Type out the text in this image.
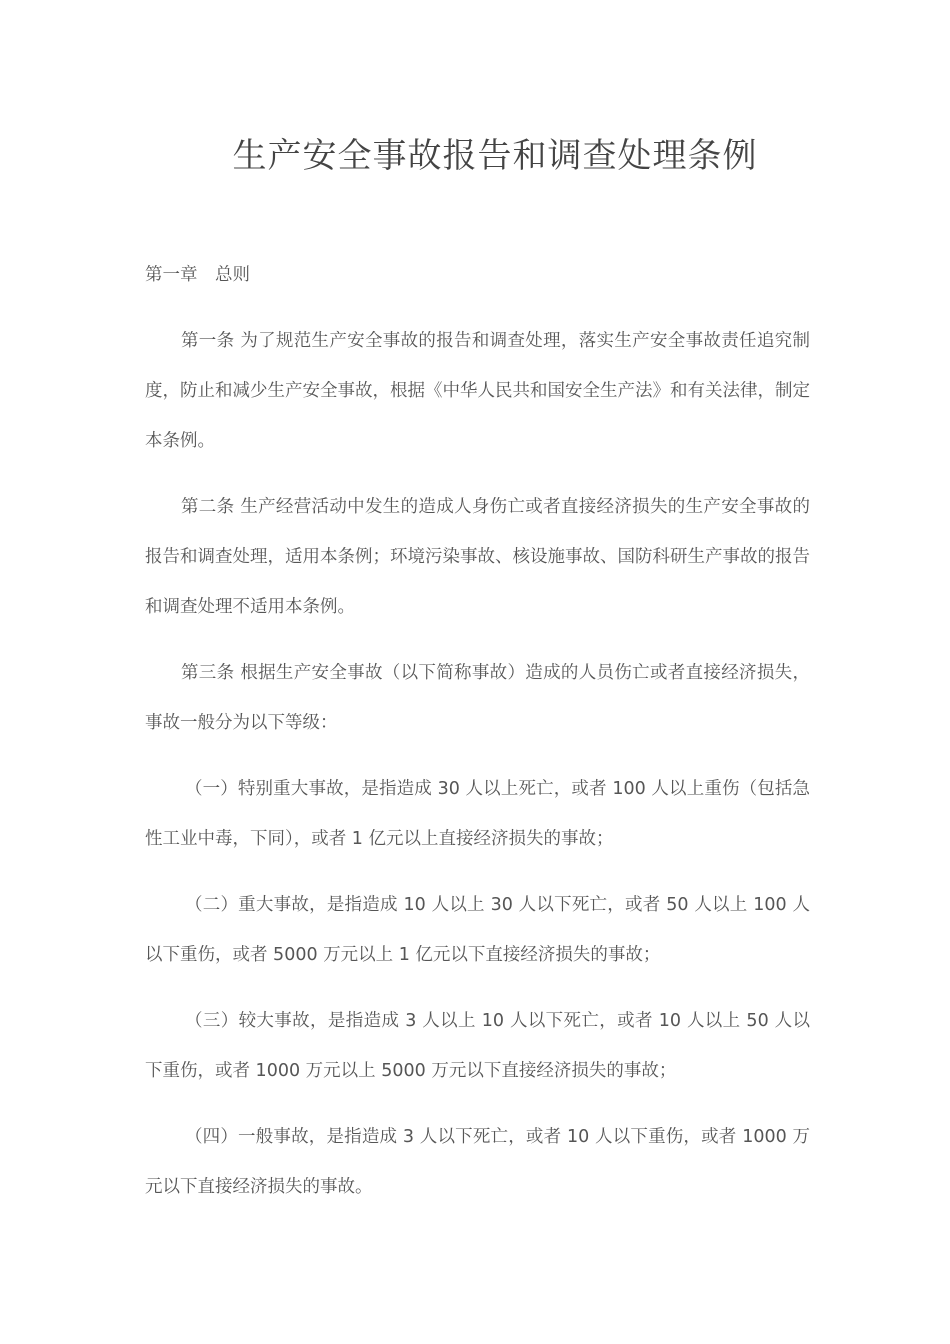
生产安全事故报告和调查处理条例

第一章　总则

第一条 为了规范生产安全事故的报告和调查处理，落实生产安全事故责任追究制度，防止和减少生产安全事故，根据《中华人民共和国安全生产法》和有关法律，制定本条例。

第二条 生产经营活动中发生的造成人身伤亡或者直接经济损失的生产安全事故的报告和调查处理，适用本条例；环境污染事故、核设施事故、国防科研生产事故的报告和调查处理不适用本条例。

第三条 根据生产安全事故（以下简称事故）造成的人员伤亡或者直接经济损失，事故一般分为以下等级：

（一）特别重大事故，是指造成 30 人以上死亡，或者 100 人以上重伤（包括急性工业中毒，下同），或者 1 亿元以上直接经济损失的事故；

（二）重大事故，是指造成 10 人以上 30 人以下死亡，或者 50 人以上 100 人以下重伤，或者 5000 万元以上 1 亿元以下直接经济损失的事故；

（三）较大事故，是指造成 3 人以上 10 人以下死亡，或者 10 人以上 50 人以下重伤，或者 1000 万元以上 5000 万元以下直接经济损失的事故；

（四）一般事故，是指造成 3 人以下死亡，或者 10 人以下重伤，或者 1000 万元以下直接经济损失的事故。
